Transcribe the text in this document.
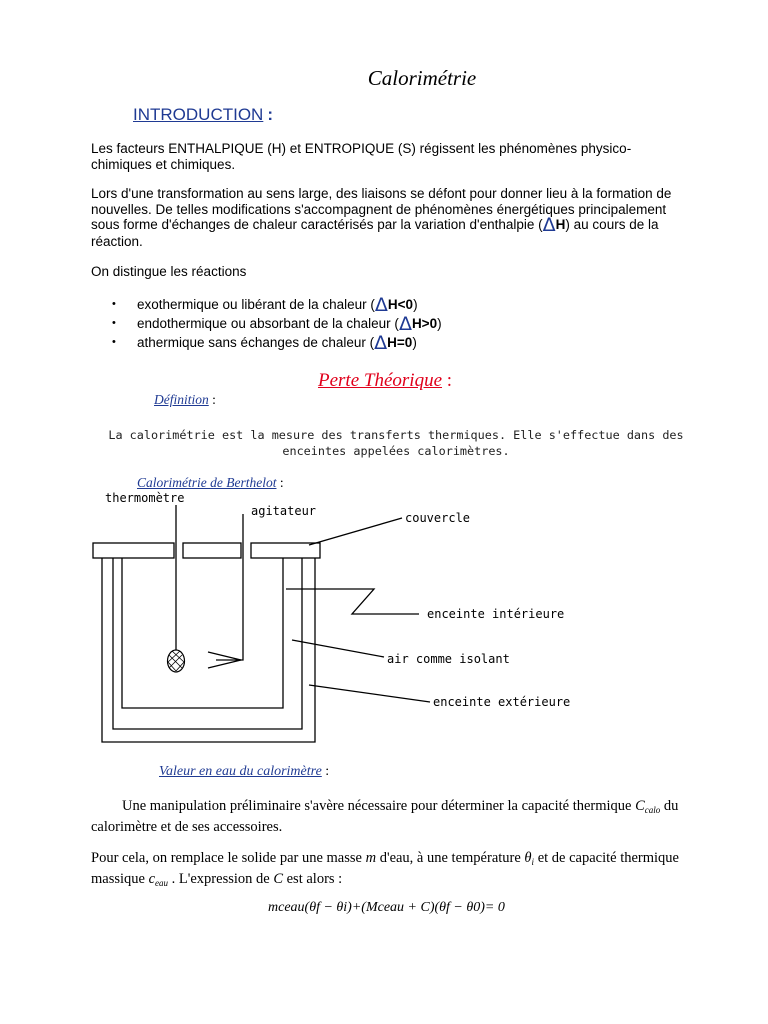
Calorimétrie
INTRODUCTION :
Les facteurs ENTHALPIQUE (H) et ENTROPIQUE (S) régissent les phénomènes physico-chimiques et chimiques.
Lors d'une transformation au sens large, des liaisons se défont pour donner lieu à la formation de nouvelles. De telles modifications s'accompagnent de phénomènes énergétiques principalement sous forme d'échanges de chaleur caractérisés par la variation d'enthalpie (ΔH) au cours de la réaction.
On distingue les réactions
• exothermique ou libérant de la chaleur (ΔH<0)
• endothermique ou absorbant de la chaleur (ΔH>0)
• athermique sans échanges de chaleur (ΔH=0)
Perte Théorique :
Définition :
La calorimétrie est la mesure des transferts thermiques. Elle s'effectue dans des enceintes appelées calorimètres.
Calorimétrie de Berthelot :
thermomètre
agitateur	couvercle
enceinte intérieure
air comme isolant
enceinte extérieure
Valeur en eau du calorimètre :
Une manipulation préliminaire s'avère nécessaire pour déterminer la capacité thermique $C_{calo}$ du calorimètre et de ses accessoires.
Pour cela, on remplace le solide par une masse m d'eau, à une température $\theta_i$ et de capacité thermique massique $c_{eau}$ . L'expression de C est alors :
mceau(θf − θi)+(Mceau + C)(θf − θ0)= 0
